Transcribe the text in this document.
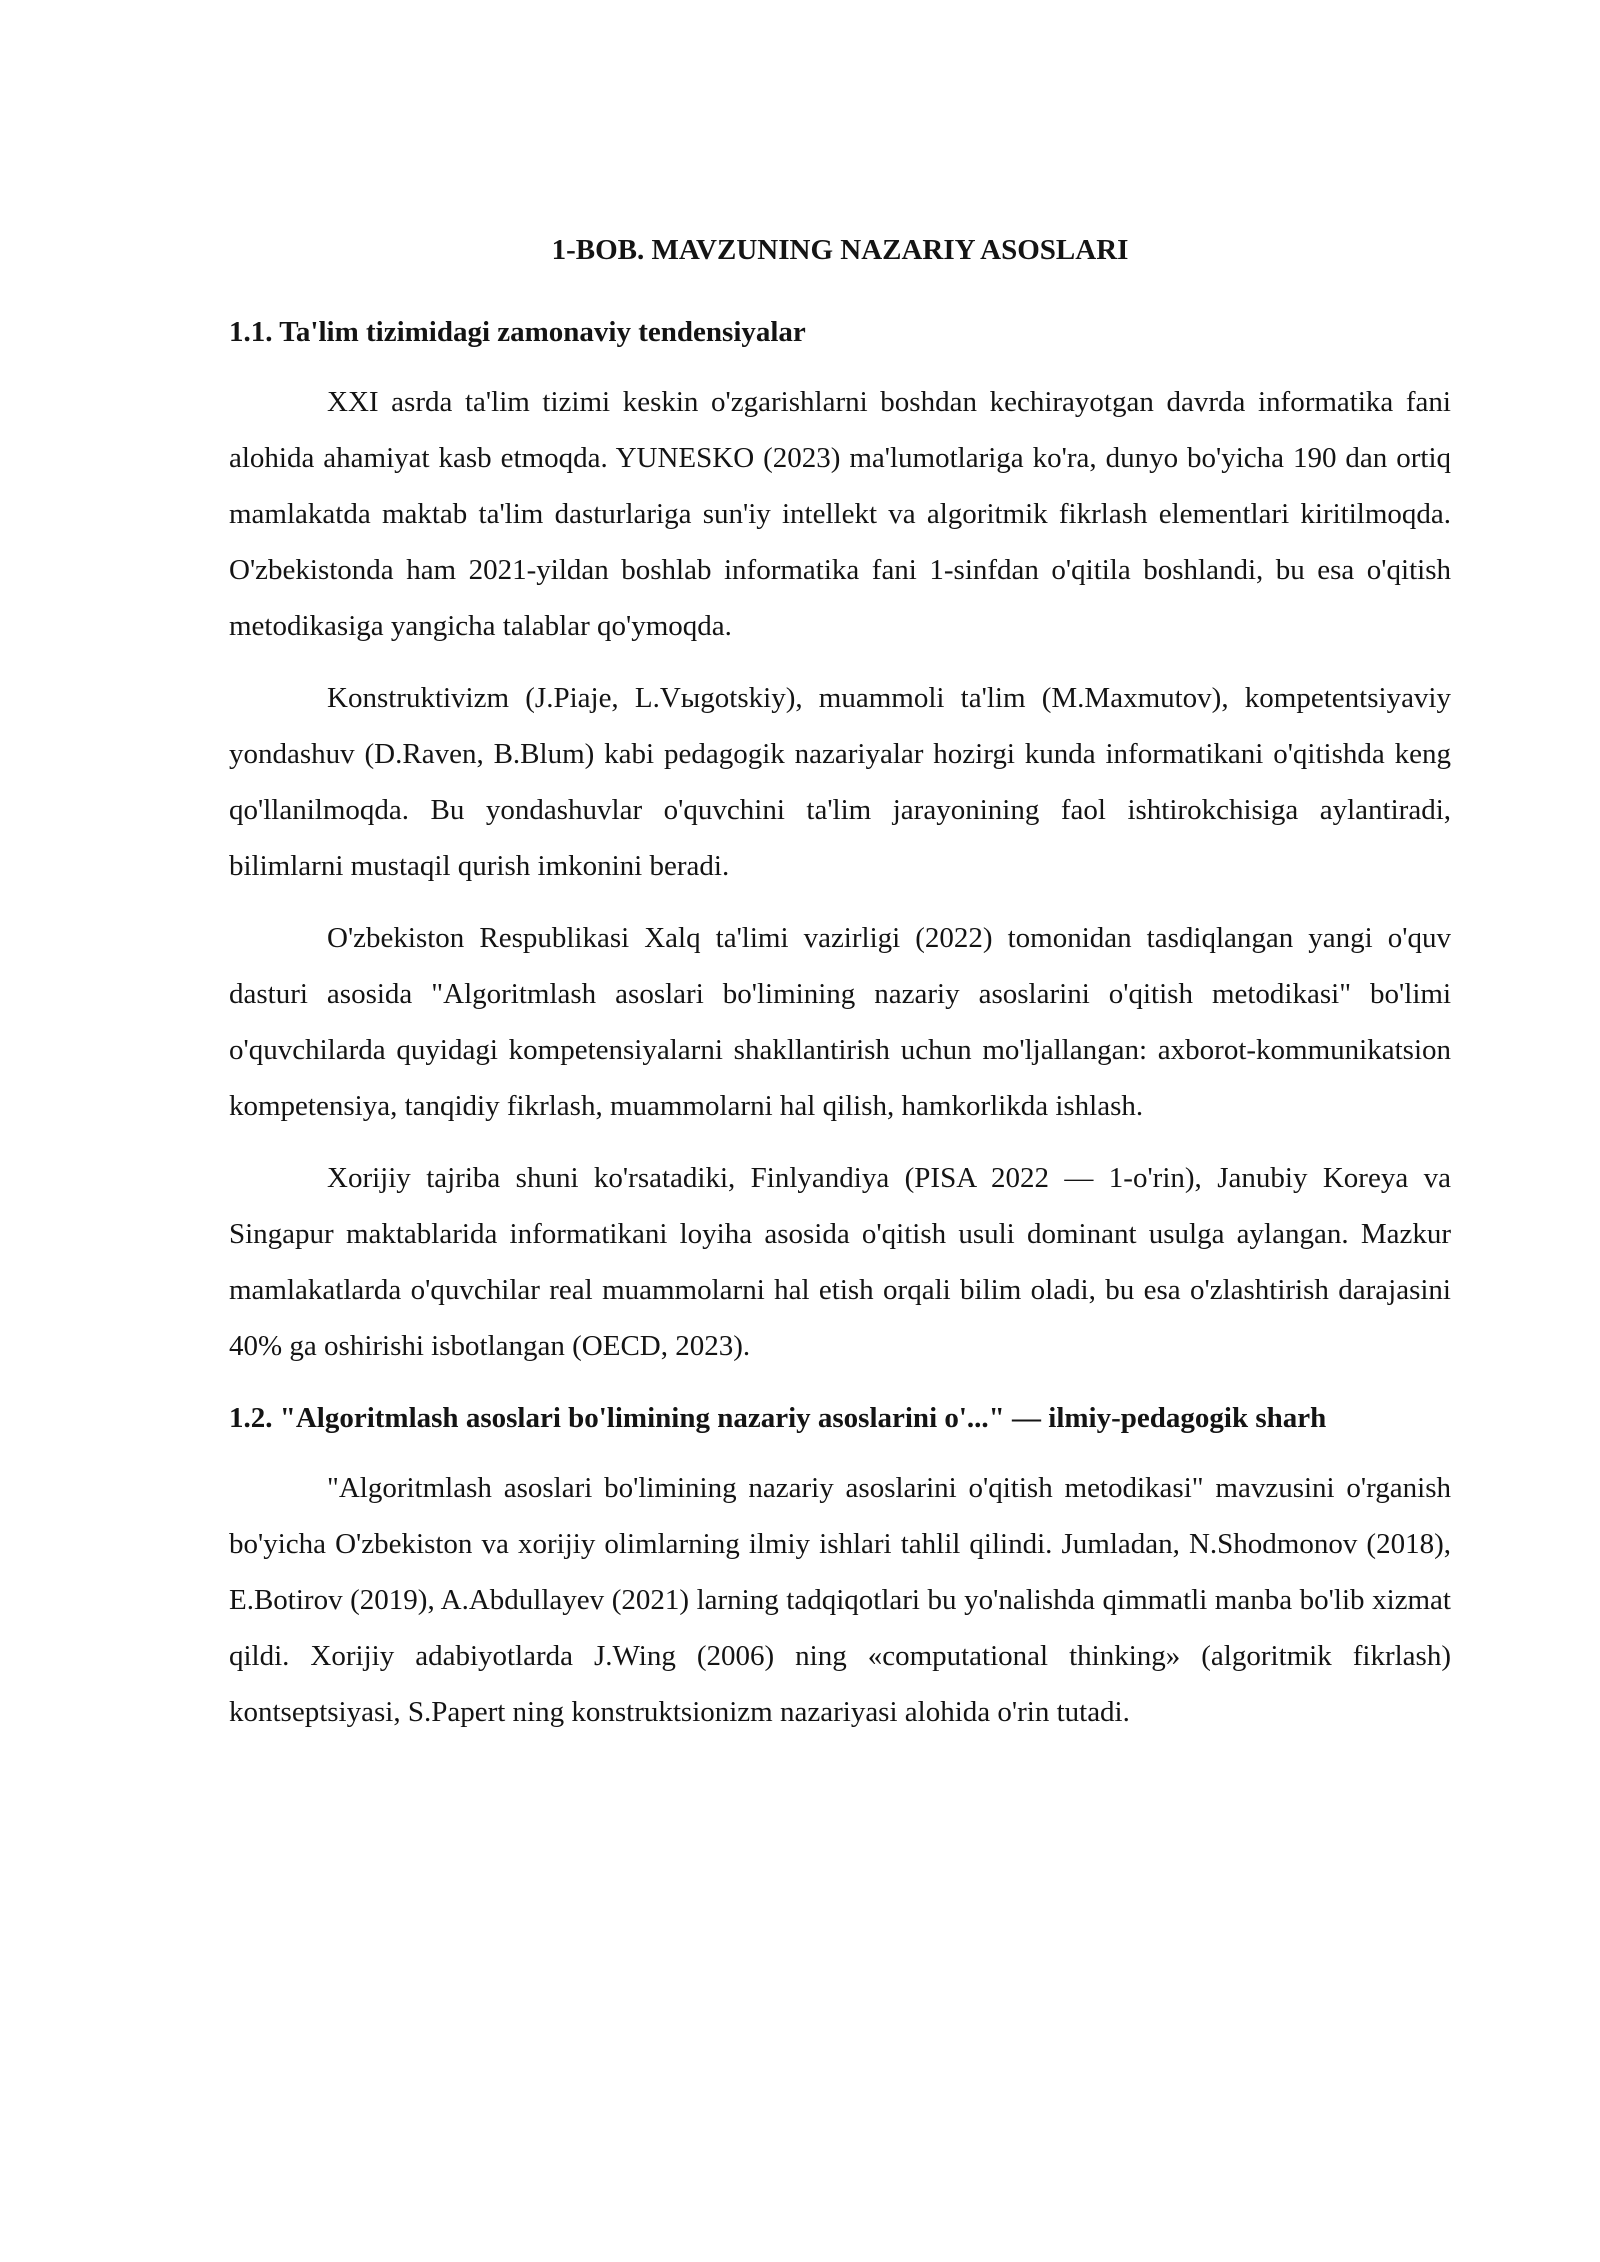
1-BOB. MAVZUNING NAZARIY ASOSLARI
1.1. Ta'lim tizimidagi zamonaviy tendensiyalar

XXI asrda ta'lim tizimi keskin o'zgarishlarni boshdan kechirayotgan davrda informatika fani alohida ahamiyat kasb etmoqda. YUNESKO (2023) ma'lumotlariga ko'ra, dunyo bo'yicha 190 dan ortiq mamlakatda maktab ta'lim dasturlariga sun'iy intellekt va algoritmik fikrlash elementlari kiritilmoqda. O'zbekistonda ham 2021-yildan boshlab informatika fani 1-sinfdan o'qitila boshlandi, bu esa o'qitish metodikasiga yangicha talablar qo'ymoqda.

Konstruktivizm (J.Piaje, L.Vыgotskiy), muammoli ta'lim (M.Maxmutov), kompetentsiyaviy yondashuv (D.Raven, B.Blum) kabi pedagogik nazariyalar hozirgi kunda informatikani o'qitishda keng qo'llanilmoqda. Bu yondashuvlar o'quvchini ta'lim jarayonining faol ishtirokchisiga aylantiradi, bilimlarni mustaqil qurish imkonini beradi.

O'zbekiston Respublikasi Xalq ta'limi vazirligi (2022) tomonidan tasdiqlangan yangi o'quv dasturi asosida "Algoritmlash asoslari bo'limining nazariy asoslarini o'qitish metodikasi" bo'limi o'quvchilarda quyidagi kompetensiyalarni shakllantirish uchun mo'ljallangan: axborot-kommunikatsion kompetensiya, tanqidiy fikrlash, muammolarni hal qilish, hamkorlikda ishlash.

Xorijiy tajriba shuni ko'rsatadiki, Finlyandiya (PISA 2022 — 1-o'rin), Janubiy Koreya va Singapur maktablarida informatikani loyiha asosida o'qitish usuli dominant usulga aylangan. Mazkur mamlakatlarda o'quvchilar real muammolarni hal etish orqali bilim oladi, bu esa o'zlashtirish darajasini 40% ga oshirishi isbotlangan (OECD, 2023).

1.2. "Algoritmlash asoslari bo'limining nazariy asoslarini o'..." — ilmiy-pedagogik sharh

"Algoritmlash asoslari bo'limining nazariy asoslarini o'qitish metodikasi" mavzusini o'rganish bo'yicha O'zbekiston va xorijiy olimlarning ilmiy ishlari tahlil qilindi. Jumladan, N.Shodmonov (2018), E.Botirov (2019), A.Abdullayev (2021) larning tadqiqotlari bu yo'nalishda qimmatli manba bo'lib xizmat qildi. Xorijiy adabiyotlarda J.Wing (2006) ning «computational thinking» (algoritmik fikrlash) kontseptsiyasi, S.Papert ning konstruktsionizm nazariyasi alohida o'rin tutadi.
